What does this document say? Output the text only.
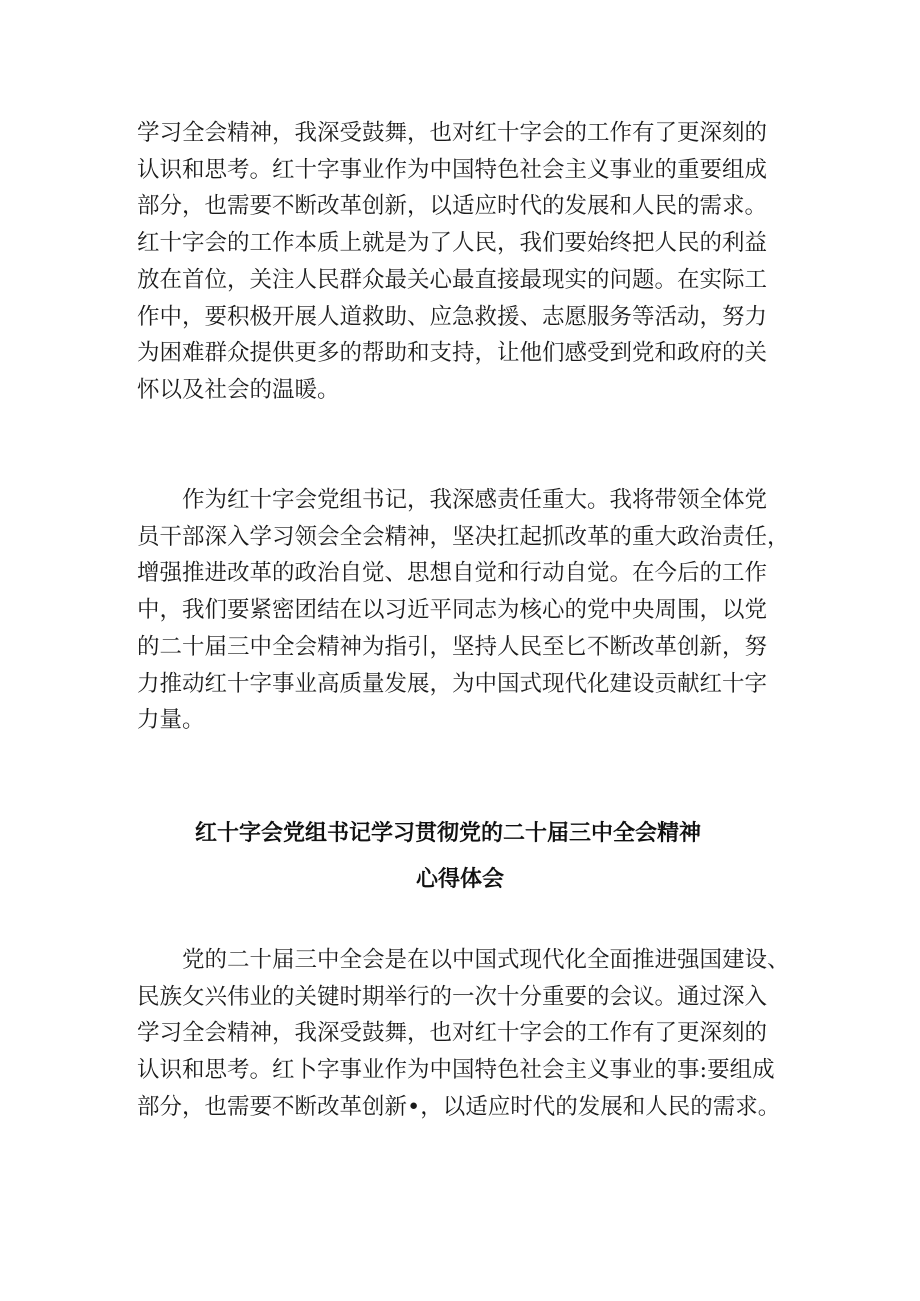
学习全会精神，我深受鼓舞，也对红十字会的工作有了更深刻的
认识和思考。红十字事业作为中国特色社会主义事业的重要组成
部分，也需要不断改革创新，以适应时代的发展和人民的需求。
红十字会的工作本质上就是为了人民，我们要始终把人民的利益
放在首位，关注人民群众最关心最直接最现实的问题。在实际工
作中，要积极开展人道救助、应急救援、志愿服务等活动，努力
为困难群众提供更多的帮助和支持，让他们感受到党和政府的关
怀以及社会的温暖。

作为红十字会党组书记，我深感责任重大。我将带领全体党
员干部深入学习领会全会精神，坚决扛起抓改革的重大政治责任，
增强推进改革的政治自觉、思想自觉和行动自觉。在今后的工作
中，我们要紧密团结在以习近平同志为核心的党中央周围，以党
的二十届三中全会精神为指引，坚持人民至匕不断改革创新，努
力推动红十字事业高质量发展，为中国式现代化建设贡献红十字
力量。

红十字会党组书记学习贯彻党的二十届三中全会精神
心得体会

党的二十届三中全会是在以中国式现代化全面推进强国建设、
民族攵兴伟业的关键时期举行的一次十分重要的会议。通过深入
学习全会精神，我深受鼓舞，也对红十字会的工作有了更深刻的
认识和思考。红卜字事业作为中国特色社会主义事业的事:要组成
部分，也需要不断改革创新•，以适应时代的发展和人民的需求。
